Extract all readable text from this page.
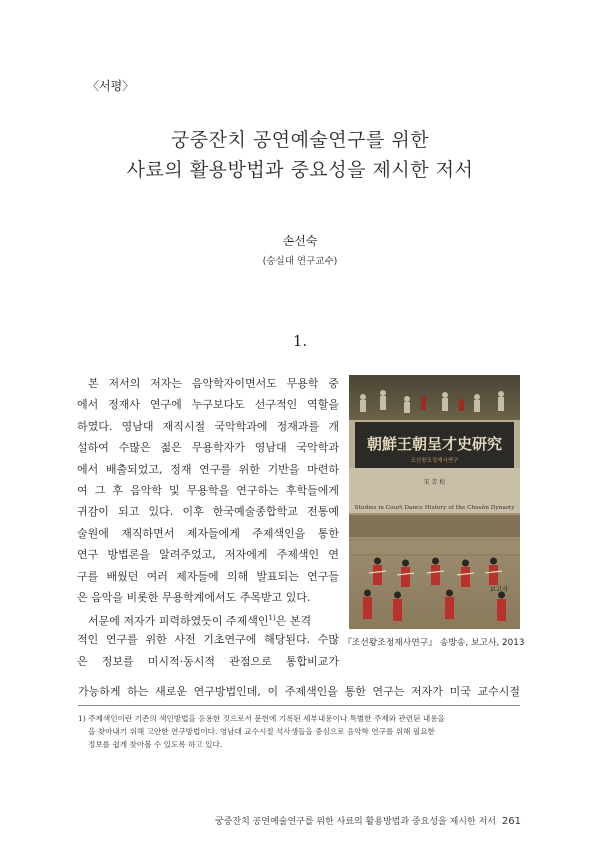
〈서평〉
궁중잔치 공연예술연구를 위한
사료의 활용방법과 중요성을 제시한 저서
손선숙
(숭실대 연구교수)
1.
본 저서의 저자는 음악학자이면서도 무용학 중
에서 정재사 연구에 누구보다도 선구적인 역할을
하였다. 영남대 재직시절 국악학과에 정재과를 개
설하여 수많은 젊은 무용학자가 영남대 국악학과
에서 배출되었고, 정재 연구를 위한 기반을 마련하
여 그 후 음악학 및 무용학을 연구하는 후학들에게
귀감이 되고 있다. 이후 한국예술종합학교 전통예
술원에 재직하면서 제자들에게 주제색인을 통한
연구 방법론을 알려주었고, 저자에게 주제색인 연
구를 배웠던 여러 제자들에 의해 발표되는 연구들
은 음악을 비롯한 무용학계에서도 주목받고 있다.
서문에 저자가 피력하였듯이 주제색인$^{1)}$은 본격
적인 연구를 위한 사전 기초연구에 해당된다. 수많
은 정보를 미시적·동시적 관점으로 통합비교가
가능하게 하는 새로운 연구방법인데, 이 주제색인을 통한 연구는 저자가 미국 교수시절
朝鮮王朝呈才史研究
조선왕조정재사연구
宋 芳 松
Studies in Court Dance History of the Chosŏn Dynasty
보고사
『조선왕조정재사연구』 송방송, 보고사, 2013
1) 주제색인이란 기존의 색인방법을 응용한 것으로서 문헌에 기록된 세부내용이나 특별한 주제와 관련된 내용을
을 찾아내기 위해 고안한 연구방법이다. 영남대 교수시절 석사생들을 중심으로 음악학 연구를 위해 필요한
정보를 쉽게 찾아볼 수 있도록 하고 있다.
궁중잔치 공연예술연구를 위한 사료의 활용방법과 중요성을 제시한 저서 261
